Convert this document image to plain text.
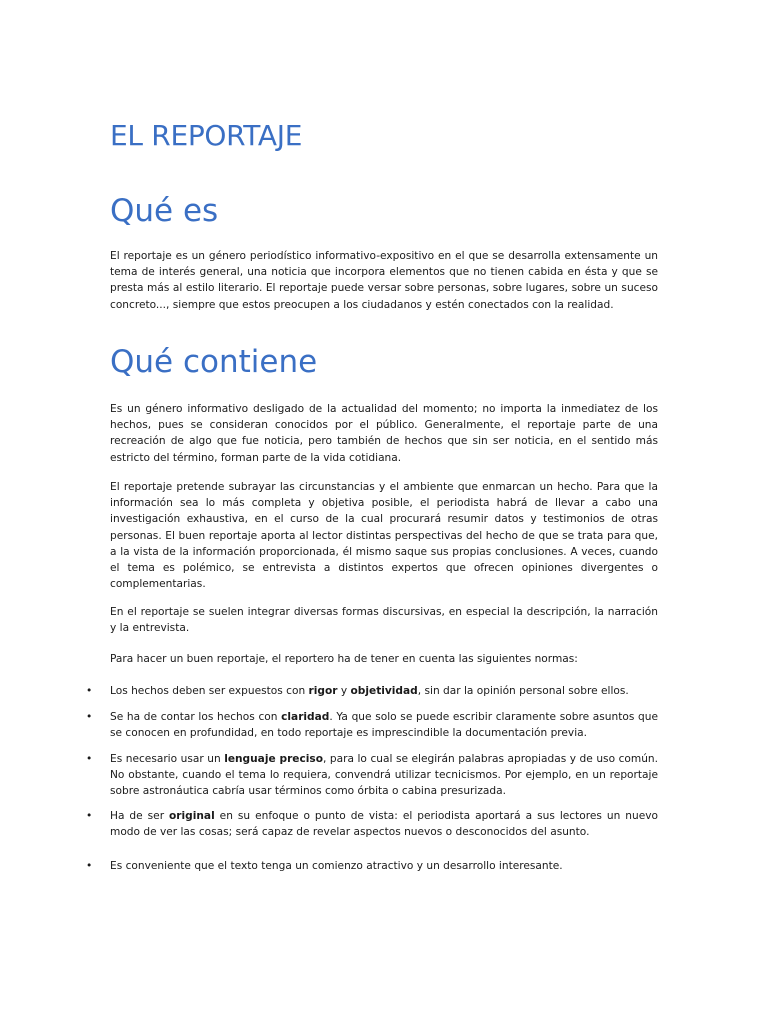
EL REPORTAJE
Qué es

El reportaje es un género periodístico informativo-expositivo en el que se desarrolla extensamente un tema de interés general, una noticia que incorpora elementos que no tienen cabida en ésta y que se presta más al estilo literario. El reportaje puede versar sobre personas, sobre lugares, sobre un suceso concreto..., siempre que estos preocupen a los ciudadanos y estén conectados con la realidad.

Qué contiene

Es un género informativo desligado de la actualidad del momento; no importa la inmediatez de los hechos, pues se consideran conocidos por el público. Generalmente, el reportaje parte de una recreación de algo que fue noticia, pero también de hechos que sin ser noticia, en el sentido más estricto del término, forman parte de la vida cotidiana.

El reportaje pretende subrayar las circunstancias y el ambiente que enmarcan un hecho. Para que la información sea lo más completa y objetiva posible, el periodista habrá de llevar a cabo una investigación exhaustiva, en el curso de la cual procurará resumir datos y testimonios de otras personas. El buen reportaje aporta al lector distintas perspectivas del hecho de que se trata para que, a la vista de la información proporcionada, él mismo saque sus propias conclusiones. A veces, cuando el tema es polémico, se entrevista a distintos expertos que ofrecen opiniones divergentes o complementarias.

En el reportaje se suelen integrar diversas formas discursivas, en especial la descripción, la narración y la entrevista.

Para hacer un buen reportaje, el reportero ha de tener en cuenta las siguientes normas:

• Los hechos deben ser expuestos con rigor y objetividad, sin dar la opinión personal sobre ellos.
• Se ha de contar los hechos con claridad. Ya que solo se puede escribir claramente sobre asuntos que se conocen en profundidad, en todo reportaje es imprescindible la documentación previa.
• Es necesario usar un lenguaje preciso, para lo cual se elegirán palabras apropiadas y de uso común. No obstante, cuando el tema lo requiera, convendrá utilizar tecnicismos. Por ejemplo, en un reportaje sobre astronáutica cabría usar términos como órbita o cabina presurizada.
• Ha de ser original en su enfoque o punto de vista: el periodista aportará a sus lectores un nuevo modo de ver las cosas; será capaz de revelar aspectos nuevos o desconocidos del asunto.
• Es conveniente que el texto tenga un comienzo atractivo y un desarrollo interesante.
